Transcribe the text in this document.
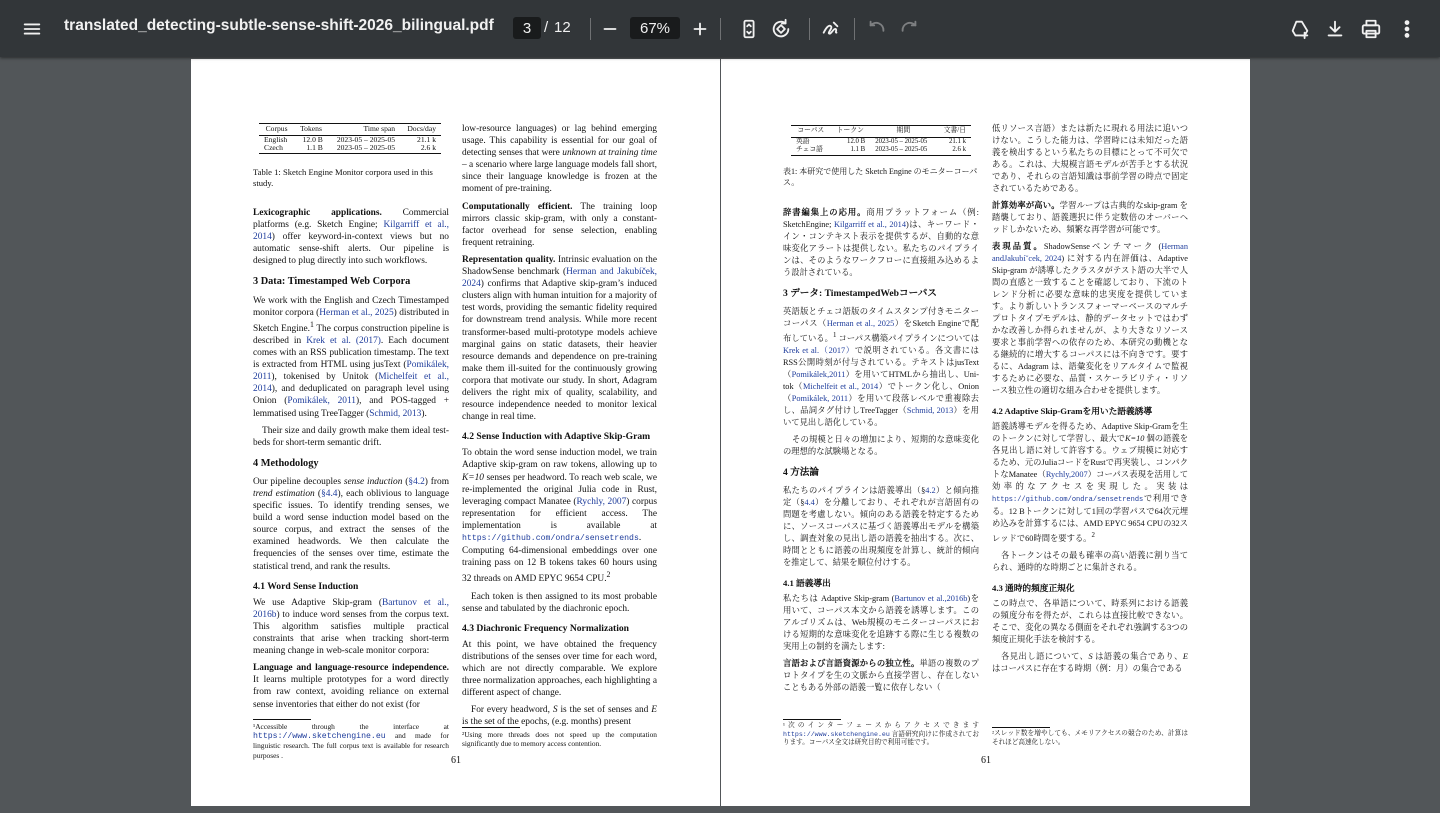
translated_detecting-subtle-sense-shift-2026_bilingual.pdf	3 / 12	67%
Corpus	Tokens	Time span	Docs/day
English	12.0 B	2023-05 – 2025-05	21.1 k
Czech	1.1 B	2023-05 – 2025-05	2.6 k
Table 1: Sketch Engine Monitor corpora used in this study.

Lexicographic applications. Commercial platforms (e.g. Sketch Engine; Kilgarriff et al., 2014) offer keyword-in-context views but no automatic sense-shift alerts. Our pipeline is designed to plug directly into such workflows.

3 Data: Timestamped Web Corpora

We work with the English and Czech Timestamped monitor corpora (Herman et al., 2025) distributed in Sketch Engine.$^1$ The corpus construction pipeline is described in Krek et al. (2017). Each document comes with an RSS publication timestamp. The text is extracted from HTML using jusText (Pomikálek, 2011), tokenised by Unitok (Michelfeit et al., 2014), and deduplicated on paragraph level using Onion (Pomikálek, 2011), and POS-tagged + lemmatised using TreeTagger (Schmid, 2013).

Their size and daily growth make them ideal test-beds for short-term semantic drift.

4 Methodology

Our pipeline decouples sense induction (§4.2) from trend estimation (§4.4), each oblivious to language specific issues. To identify trending senses, we build a word sense induction model based on the source corpus, and extract the senses of the examined headwords. We then calculate the frequencies of the senses over time, estimate the statistical trend, and rank the results.

4.1 Word Sense Induction

We use Adaptive Skip-gram (Bartunov et al., 2016b) to induce word senses from the corpus text. This algorithm satisfies multiple practical constraints that arise when tracking short-term meaning change in web-scale monitor corpora:

Language and language-resource independence. It learns multiple prototypes for a word directly from raw context, avoiding reliance on external sense inventories that either do not exist (for

¹Accessible through the interface at https://www.sketchengine.eu and made for linguistic research. The full corpus text is available for research purposes .

low-resource languages) or lag behind emerging usage. This capability is essential for our goal of detecting senses that were unknown at training time – a scenario where large language models fall short, since their language knowledge is frozen at the moment of pre-training.

Computationally efficient. The training loop mirrors classic skip-gram, with only a constant-factor overhead for sense selection, enabling frequent retraining.

Representation quality. Intrinsic evaluation on the ShadowSense benchmark (Herman and Jakubíček, 2024) confirms that Adaptive skip-gram’s induced clusters align with human intuition for a majority of test words, providing the semantic fidelity required for downstream trend analysis. While more recent transformer-based multi-prototype models achieve marginal gains on static datasets, their heavier resource demands and dependence on pre-training make them ill-suited for the continuously growing corpora that motivate our study. In short, Adagram delivers the right mix of quality, scalability, and resource independence needed to monitor lexical change in real time.

4.2 Sense Induction with Adaptive Skip-Gram

To obtain the word sense induction model, we train Adaptive skip-gram on raw tokens, allowing up to K=10 senses per headword. To reach web scale, we re-implemented the original Julia code in Rust, leveraging compact Manatee (Rychly, 2007) corpus representation for efficient access. The implementation is available at https://github.com/ondra/sensetrends. Computing 64-dimensional embeddings over one training pass on 12 B tokens takes 60 hours using 32 threads on AMD EPYC 9654 CPU.$^2$

Each token is then assigned to its most probable sense and tabulated by the diachronic epoch.

4.3 Diachronic Frequency Normalization

At this point, we have obtained the frequency distributions of the senses over time for each word, which are not directly comparable. We explore three normalization approaches, each highlighting a different aspect of change.

For every headword, S is the set of senses and E is the set of the epochs, (e.g. months) present

²Using more threads does not speed up the computation significantly due to memory access contention.
61
コーパス	トークン	期間	文書/日
英語	12.0 B	2023-05 – 2025-05	21.1 k
チェコ語	1.1 B	2023-05 – 2025-05	2.6 k
表1: 本研究で使用した Sketch Engine のモニターコーパス。

辞書編集上の応用。商用プラットフォーム（例: SketchEngine; Kilgarriff et al., 2014)は、キーワード・イン・コンテキスト表示を提供するが、自動的な意味変化アラートは提供しない。私たちのパイプラインは、そのようなワークフローに直接組み込めるよう設計されている。

3 データ: TimestampedWebコーパス

英語版とチェコ語版のタイムスタンプ付きモニターコーパス（Herman et al., 2025）をSketch Engineで配布している。$^1$ コーパス構築パイプラインについてはKrek et al.（2017）で説明されている。各文書にはRSS公開時刻が付与されている。テキストはjusText（Pomikálek,2011）を用いてHTMLから抽出し、Uni- tok（Michelfeit et al., 2014）でトークン化し、Onion（Pomikálek, 2011）を用いて段落レベルで重複除去し、品詞タグ付けしTreeTagger（Schmid, 2013）を用いて見出し語化している。

その規模と日々の増加により、短期的な意味変化の理想的な試験場となる。

4 方法論

私たちのパイプラインは語義導出（§4.2）と傾向推定（§4.4）を分離しており、それぞれが言語固有の問題を考慮しない。傾向のある語義を特定するために、ソースコーパスに基づく語義導出モデルを構築し、調査対象の見出し語の語義を抽出する。次に、時間とともに語義の出現頻度を計算し、統計的傾向を推定して、結果を順位付けする。

4.1 語義導出

私たちは Adaptive Skip-gram (Bartunov et al.,2016b)を用いて、コーパス本文から語義を誘導します。このアルゴリズムは、Web規模のモニターコーパスにおける短期的な意味変化を追跡する際に生じる複数の実用上の制約を満たします:

言語および言語資源からの独立性。単語の複数のプロトタイプを生の文脈から直接学習し、存在しないこともある外部の語義一覧に依存しない（

¹次のインターフェースからアクセスできます https://www.sketchengine.eu 言語研究向けに作成されております。コーパス全文は研究目的で利用可能です。

低リソース言語）または新たに現れる用法に追いつけない。こうした能力は、学習時には未知だった語義を検出するという私たちの目標にとって不可欠である。これは、大規模言語モデルが苦手とする状況であり、それらの言語知識は事前学習の時点で固定されているためである。

計算効率が高い。学習ループは古典的なskip-gram を踏襲しており、語義選択に伴う定数倍のオーバーヘッドしかないため、頻繁な再学習が可能です。

表現品質。ShadowSenseベンチマーク (Herman andJakubí˘cek, 2024) に対する内在評価は、Adaptive Skip-gram が誘導したクラスタがテスト語の大半で人間の直感と一致することを確認しており、下流のトレンド分析に必要な意味的忠実度を提供しています。より新しいトランスフォーマーベースのマルチプロトタイプモデルは、静的データセットではわずかな改善しか得られませんが、より大きなリソース要求と事前学習への依存のため、本研究の動機となる継続的に増大するコーパスには不向きです。要するに、Adagram は、語彙変化をリアルタイムで監視するために必要な、品質・スケーラビリティ・リソース独立性の適切な組み合わせを提供します。

4.2 Adaptive Skip-Gramを用いた語義誘導

語義誘導モデルを得るため、Adaptive Skip-Gramを生のトークンに対して学習し、最大でK=10 個の語義を各見出し語に対して許容する。ウェブ規模に対応するため、元のJuliaコードをRustで再実装し、コンパクトなManatee（Rychly,2007）コーパス表現を活用して効率的なアクセスを実現した。実装はhttps://github.com/ondra/sensetrendsで利用できる。12 Bトークンに対して1回の学習パスで64次元埋め込みを計算するには、AMD EPYC 9654 CPUの32スレッドで60時間を要する。$^2$

各トークンはその最も確率の高い語義に割り当てられ、通時的な時期ごとに集計される。

4.3 通時的頻度正規化

この時点で、各単語について、時系列における語義の頻度分布を得たが、これらは直接比較できない。そこで、変化の異なる側面をそれぞれ強調する3つの頻度正規化手法を検討する。

各見出し語について、S は語義の集合であり、E はコーパスに存在する時期（例：月）の集合である

²スレッド数を増やしても、メモリアクセスの競合のため、計算はそれほど高速化しない。
61
